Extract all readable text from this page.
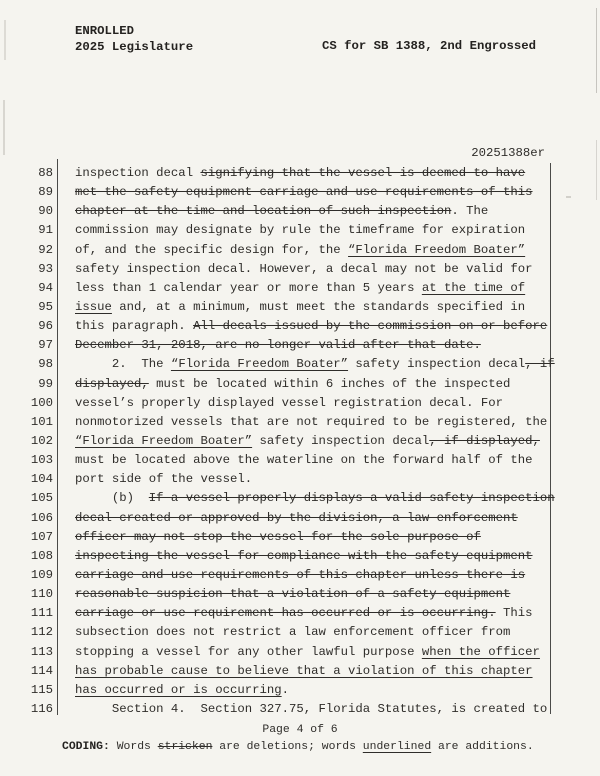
ENROLLED
2025 Legislature	CS for SB 1388, 2nd Engrossed
20251388er
88 inspection decal signifying that the vessel is deemed to have
89 met the safety equipment carriage and use requirements of this
90 chapter at the time and location of such inspection. The
91 commission may designate by rule the timeframe for expiration
92 of, and the specific design for, the “Florida Freedom Boater”
93 safety inspection decal. However, a decal may not be valid for
94 less than 1 calendar year or more than 5 years at the time of
95 issue and, at a minimum, must meet the standards specified in
96 this paragraph. All decals issued by the commission on or before
97 December 31, 2018, are no longer valid after that date.
98 2.  The “Florida Freedom Boater” safety inspection decal, if
99 displayed, must be located within 6 inches of the inspected
100 vessel’s properly displayed vessel registration decal. For
101 nonmotorized vessels that are not required to be registered, the
102 “Florida Freedom Boater” safety inspection decal, if displayed,
103 must be located above the waterline on the forward half of the
104 port side of the vessel.
105 (b)  If a vessel properly displays a valid safety inspection
106 decal created or approved by the division, a law enforcement
107 officer may not stop the vessel for the sole purpose of
108 inspecting the vessel for compliance with the safety equipment
109 carriage and use requirements of this chapter unless there is
110 reasonable suspicion that a violation of a safety equipment
111 carriage or use requirement has occurred or is occurring. This
112 subsection does not restrict a law enforcement officer from
113 stopping a vessel for any other lawful purpose when the officer
114 has probable cause to believe that a violation of this chapter
115 has occurred or is occurring.
116 Section 4.  Section 327.75, Florida Statutes, is created to
Page 4 of 6
CODING: Words stricken are deletions; words underlined are additions.
